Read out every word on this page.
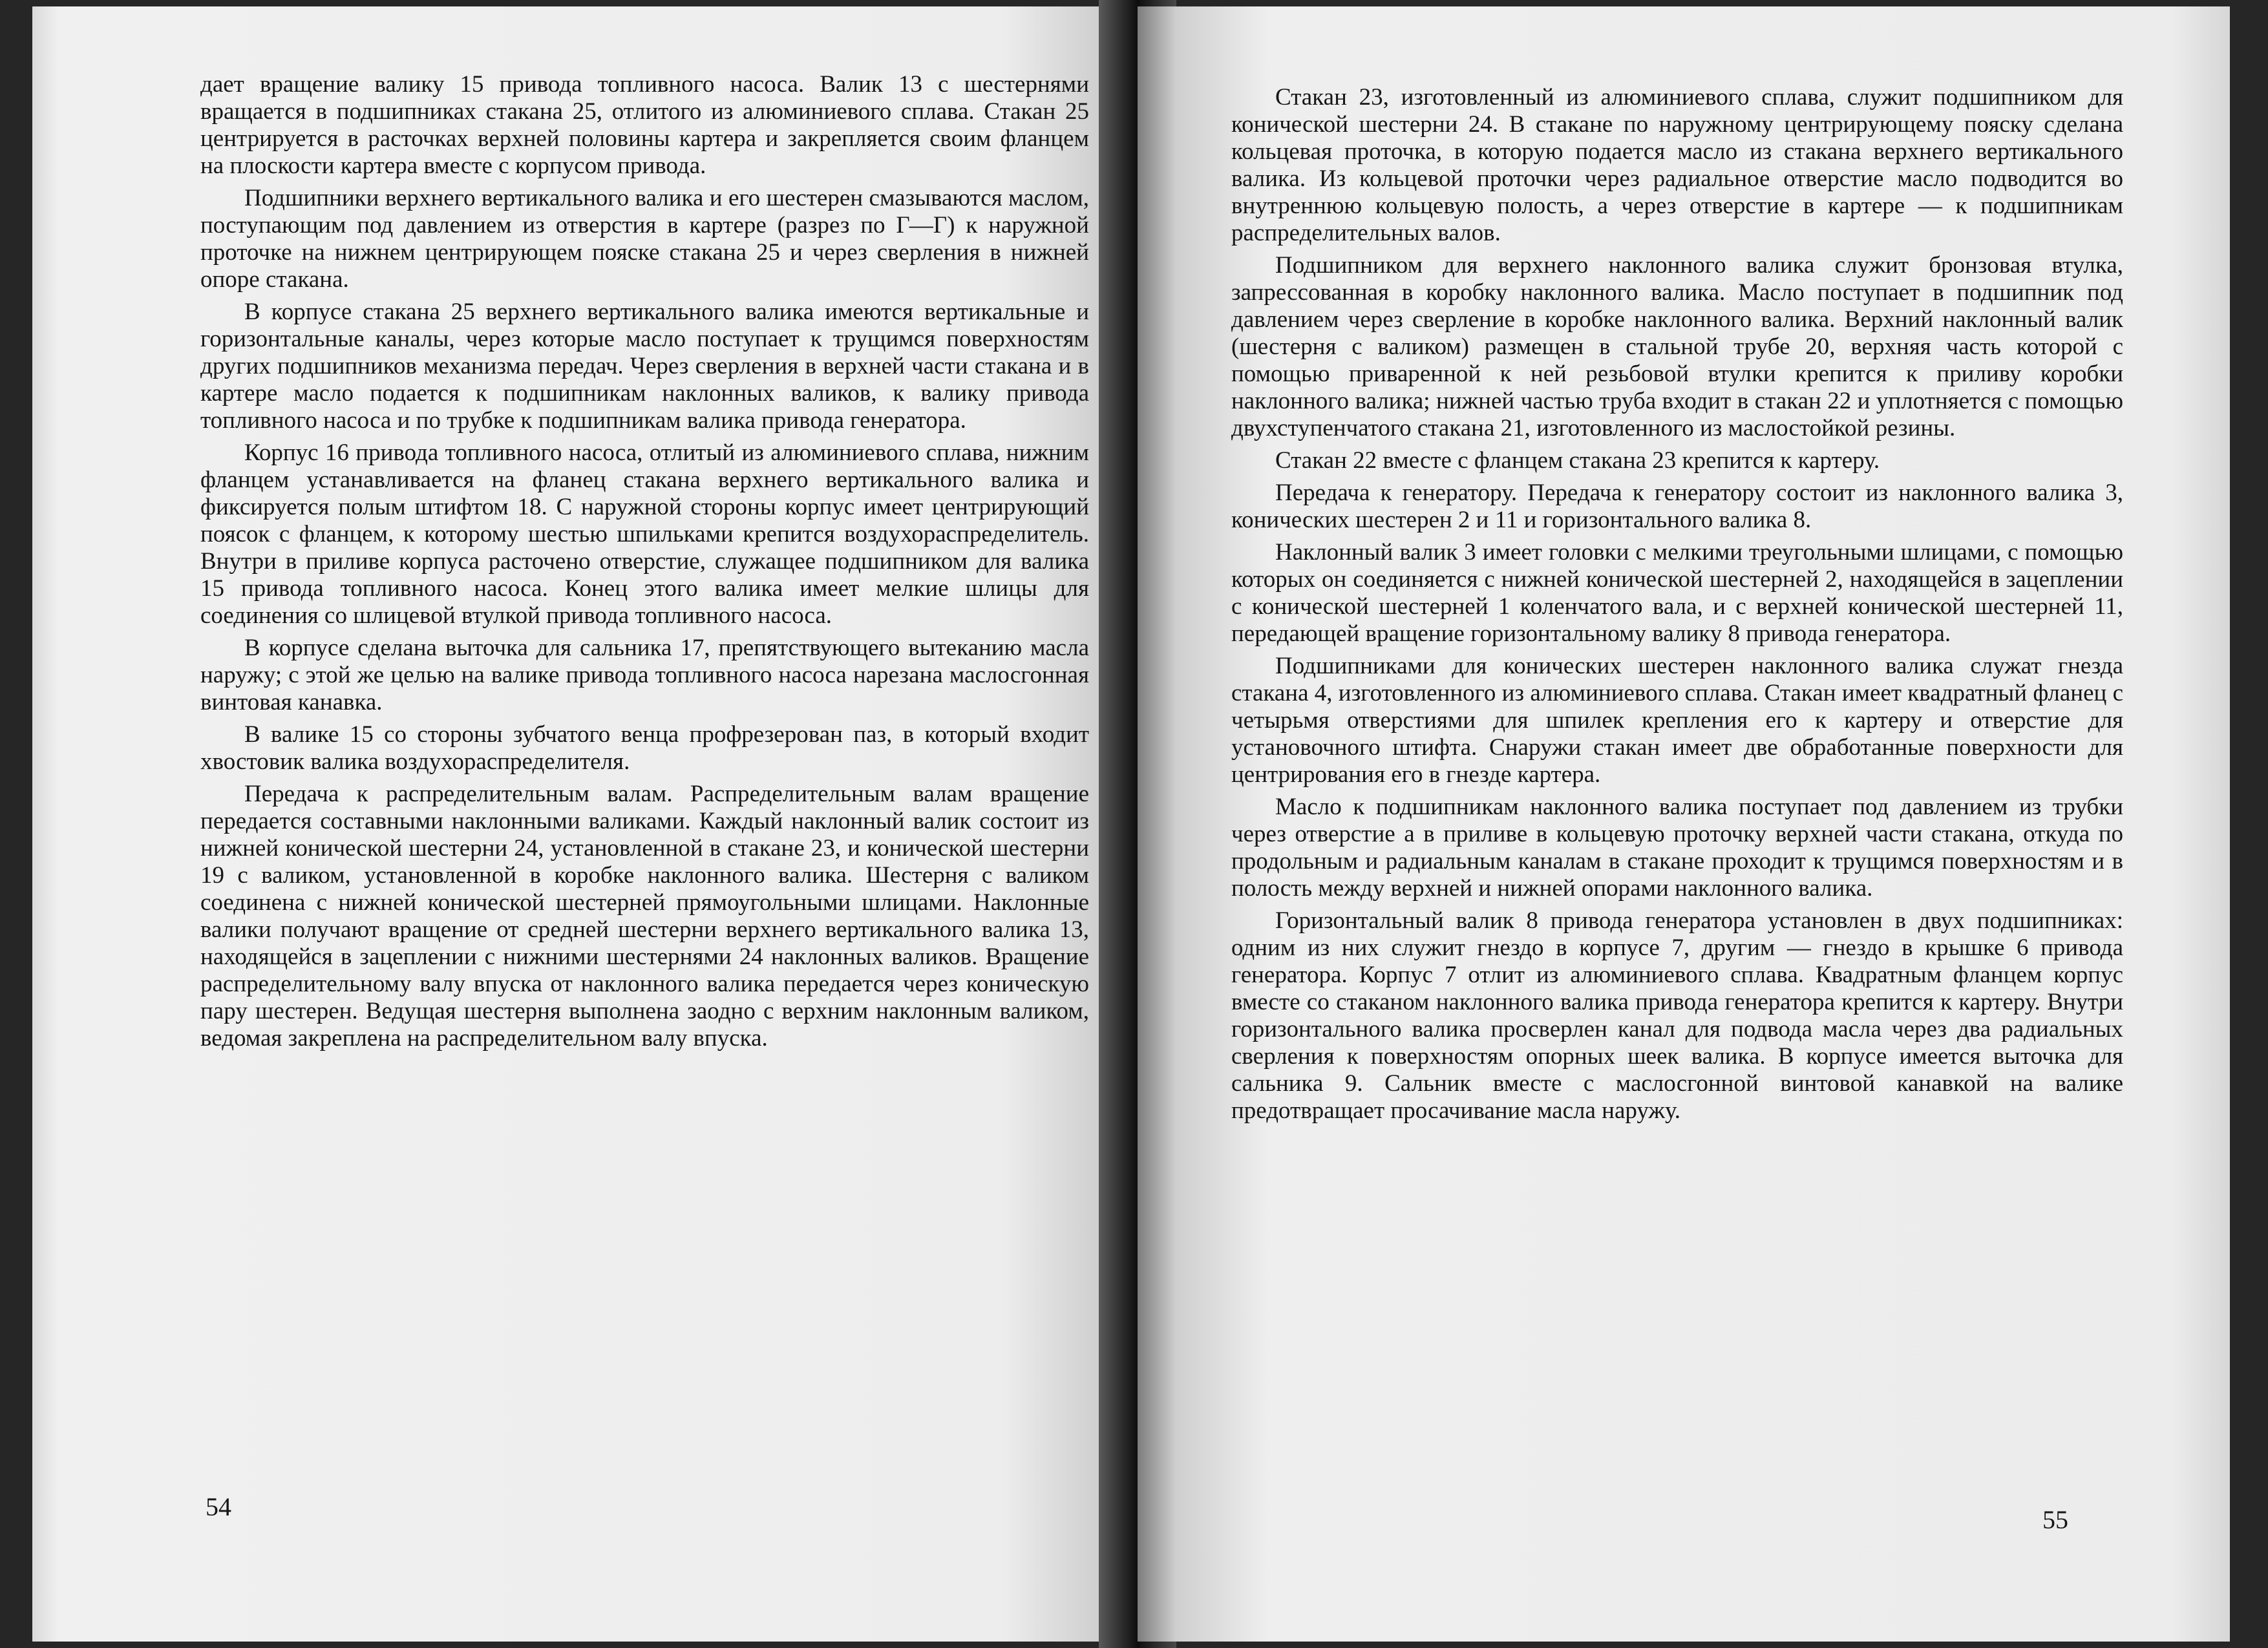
дает вращение валику 15 привода топливного насоса. Валик 13 с шестернями вращается в подшипниках стакана 25, отлитого из алюминиевого сплава. Стакан 25 центрируется в расточках верхней половины картера и закрепляется своим фланцем на плоскости картера вместе с корпусом привода.

Подшипники верхнего вертикального валика и его шестерен смазываются маслом, поступающим под давлением из отверстия в картере (разрез по Г—Г) к наружной проточке на нижнем центрирующем пояске стакана 25 и через сверления в нижней опоре стакана.

В корпусе стакана 25 верхнего вертикального валика имеются вертикальные и горизонтальные каналы, через которые масло поступает к трущимся поверхностям других подшипников механизма передач. Через сверления в верхней части стакана и в картере масло подается к подшипникам наклонных валиков, к валику привода топливного насоса и по трубке к подшипникам валика привода генератора.

Корпус 16 привода топливного насоса, отлитый из алюминиевого сплава, нижним фланцем устанавливается на фланец стакана верхнего вертикального валика и фиксируется полым штифтом 18. С наружной стороны корпус имеет центрирующий поясок с фланцем, к которому шестью шпильками крепится воздухораспределитель. Внутри в приливе корпуса расточено отверстие, служащее подшипником для валика 15 привода топливного насоса. Конец этого валика имеет мелкие шлицы для соединения со шлицевой втулкой привода топливного насоса.

В корпусе сделана выточка для сальника 17, препятствующего вытеканию масла наружу; с этой же целью на валике привода топливного насоса нарезана маслосгонная винтовая канавка.

В валике 15 со стороны зубчатого венца профрезерован паз, в который входит хвостовик валика воздухораспределителя.

Передача к распределительным валам. Распределительным валам вращение передается составными наклонными валиками. Каждый наклонный валик состоит из нижней конической шестерни 24, установленной в стакане 23, и конической шестерни 19 с валиком, установленной в коробке наклонного валика. Шестерня с валиком соединена с нижней конической шестерней прямоугольными шлицами. Наклонные валики получают вращение от средней шестерни верхнего вертикального валика 13, находящейся в зацеплении с нижними шестернями 24 наклонных валиков. Вращение распределительному валу впуска от наклонного валика передается через коническую пару шестерен. Ведущая шестерня выполнена заодно с верхним наклонным валиком, ведомая закреплена на распределительном валу впуска.

54

Стакан 23, изготовленный из алюминиевого сплава, служит подшипником для конической шестерни 24. В стакане по наружному центрирующему пояску сделана кольцевая проточка, в которую подается масло из стакана верхнего вертикального валика. Из кольцевой проточки через радиальное отверстие масло подводится во внутреннюю кольцевую полость, а через отверстие в картере — к подшипникам распределительных валов.

Подшипником для верхнего наклонного валика служит бронзовая втулка, запрессованная в коробку наклонного валика. Масло поступает в подшипник под давлением через сверление в коробке наклонного валика. Верхний наклонный валик (шестерня с валиком) размещен в стальной трубе 20, верхняя часть которой с помощью приваренной к ней резьбовой втулки крепится к приливу коробки наклонного валика; нижней частью труба входит в стакан 22 и уплотняется с помощью двухступенчатого стакана 21, изготовленного из маслостойкой резины.

Стакан 22 вместе с фланцем стакана 23 крепится к картеру.

Передача к генератору. Передача к генератору состоит из наклонного валика 3, конических шестерен 2 и 11 и горизонтального валика 8.

Наклонный валик 3 имеет головки с мелкими треугольными шлицами, с помощью которых он соединяется с нижней конической шестерней 2, находящейся в зацеплении с конической шестерней 1 коленчатого вала, и с верхней конической шестерней 11, передающей вращение горизонтальному валику 8 привода генератора.

Подшипниками для конических шестерен наклонного валика служат гнезда стакана 4, изготовленного из алюминиевого сплава. Стакан имеет квадратный фланец с четырьмя отверстиями для шпилек крепления его к картеру и отверстие для установочного штифта. Снаружи стакан имеет две обработанные поверхности для центрирования его в гнезде картера.

Масло к подшипникам наклонного валика поступает под давлением из трубки через отверстие а в приливе в кольцевую проточку верхней части стакана, откуда по продольным и радиальным каналам в стакане проходит к трущимся поверхностям и в полость между верхней и нижней опорами наклонного валика.

Горизонтальный валик 8 привода генератора установлен в двух подшипниках: одним из них служит гнездо в корпусе 7, другим — гнездо в крышке 6 привода генератора. Корпус 7 отлит из алюминиевого сплава. Квадратным фланцем корпус вместе со стаканом наклонного валика привода генератора крепится к картеру. Внутри горизонтального валика просверлен канал для подвода масла через два радиальных сверления к поверхностям опорных шеек валика. В корпусе имеется выточка для сальника 9. Сальник вместе с маслосгонной винтовой канавкой на валике предотвращает просачивание масла наружу.

55
